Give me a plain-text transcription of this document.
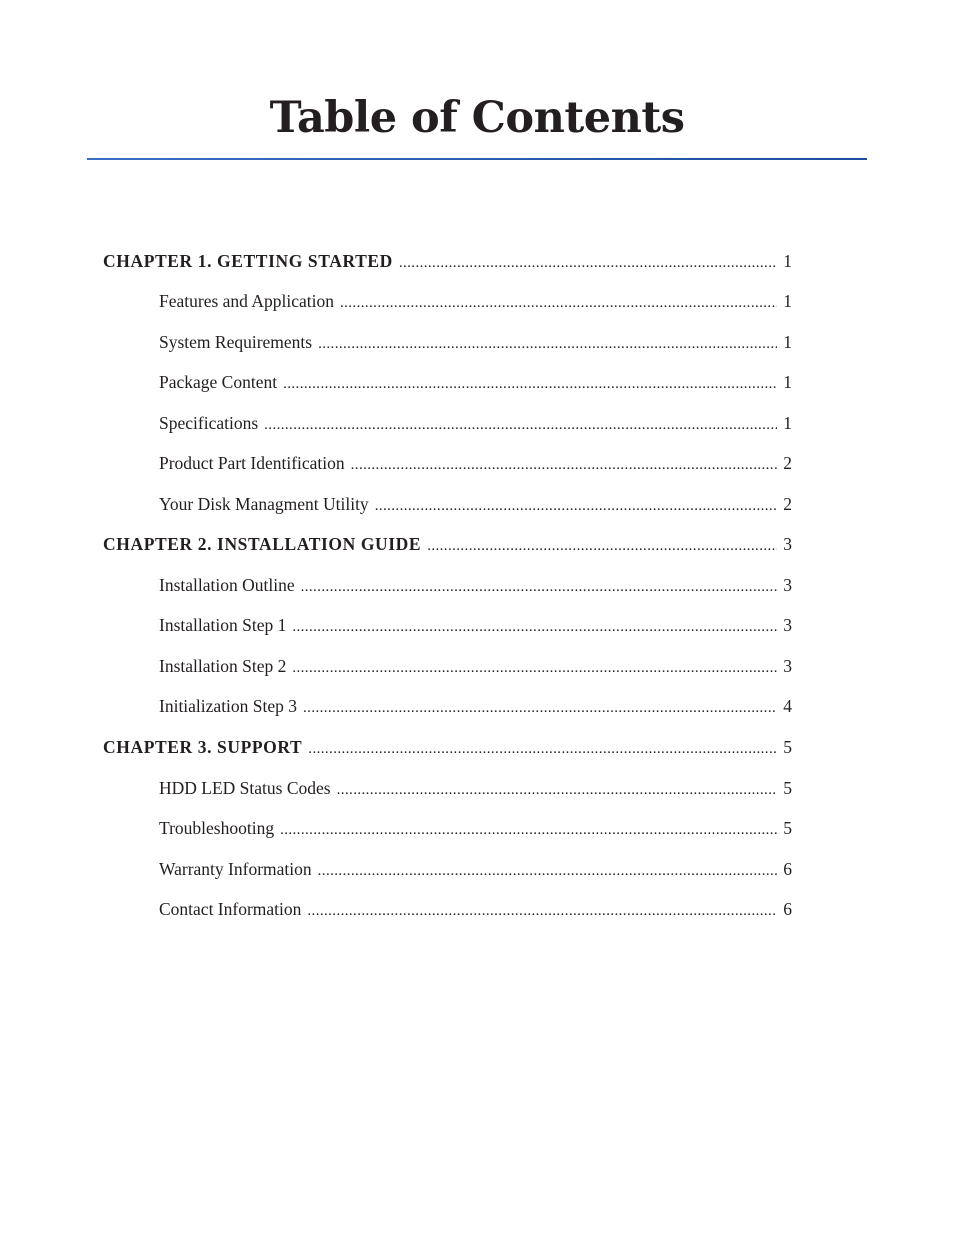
Table of Contents
CHAPTER 1. GETTING STARTED .....	1
Features and Application .....	1
System Requirements .....	1
Package Content .....	1
Specifications .....	1
Product Part Identification .....	2
Your Disk Managment Utility .....	2
CHAPTER 2. INSTALLATION GUIDE .....	3
Installation Outline .....	3
Installation Step 1 .....	3
Installation Step 2 .....	3
Initialization Step 3 .....	4
CHAPTER 3. SUPPORT .....	5
HDD LED Status Codes .....	5
Troubleshooting .....	5
Warranty Information .....	6
Contact Information .....	6
